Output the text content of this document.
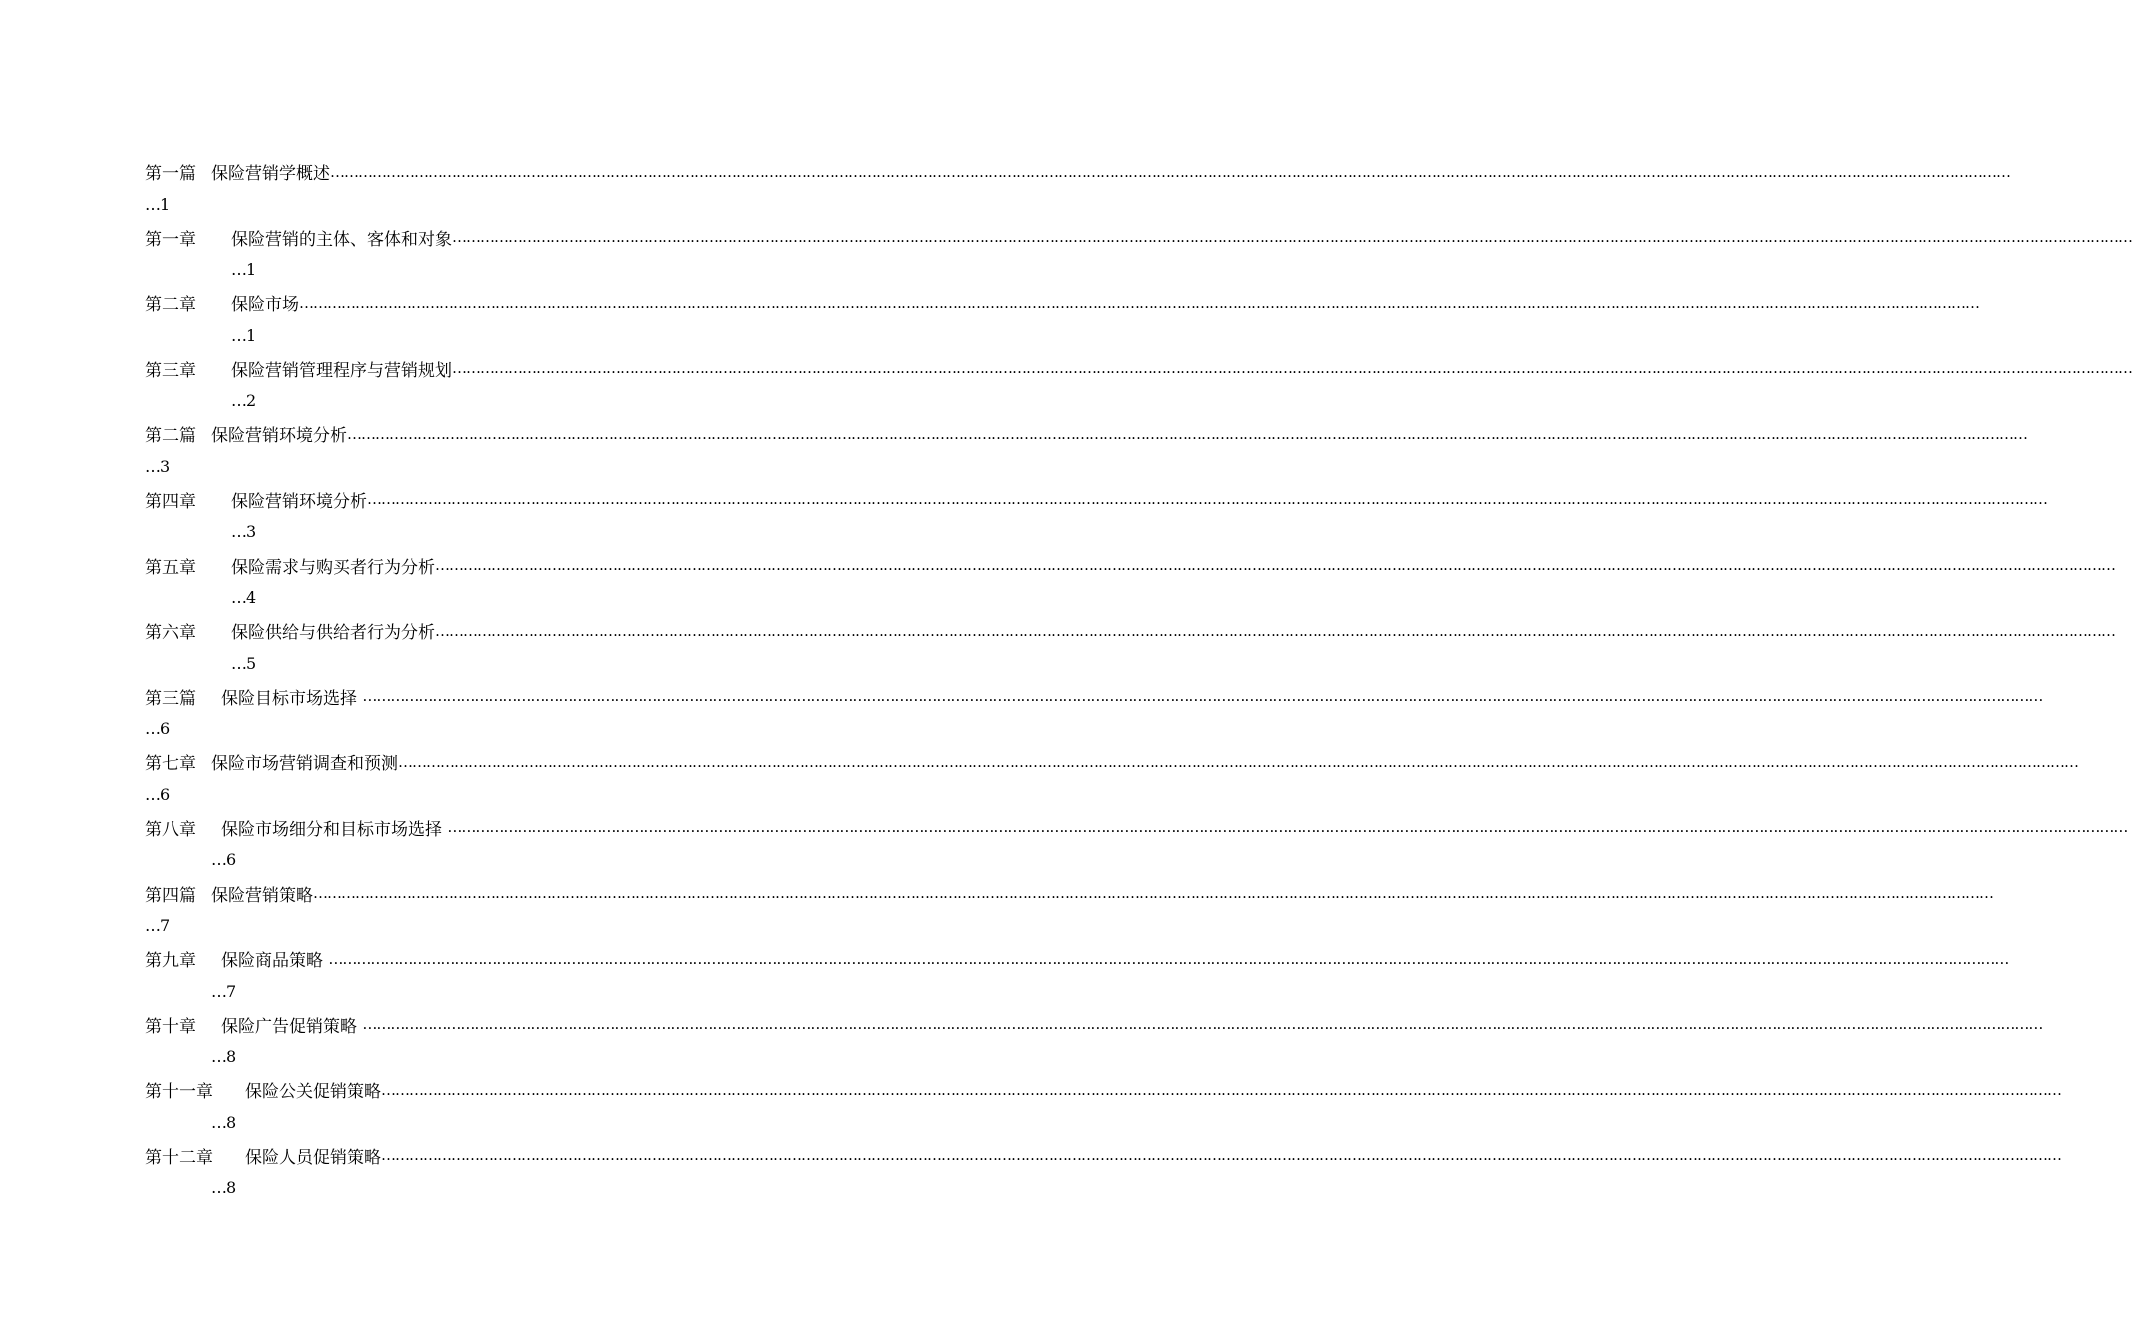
第一篇 保险营销学概述 ………………………………………………………………………………………………………………………………………………………………………………………………………………………………………………………………………………………………………………………………
… 1
第一章	保险营销的主体、客体和对象 ………………………………………………………………………………………………………………………………………………………………………………………………………………………………………………………………………………………………………………………………
… 1
第二章	保险市场 ………………………………………………………………………………………………………………………………………………………………………………………………………………………………………………………………………………………………………………………………
… 1
第三章	保险营销管理程序与营销规划 ………………………………………………………………………………………………………………………………………………………………………………………………………………………………………………………………………………………………………………………………
… 2
第二篇 保险营销环境分析 ………………………………………………………………………………………………………………………………………………………………………………………………………………………………………………………………………………………………………………………………
… 3
第四章	保险营销环境分析 ………………………………………………………………………………………………………………………………………………………………………………………………………………………………………………………………………………………………………………………………
… 3
第五章	保险需求与购买者行为分析 ………………………………………………………………………………………………………………………………………………………………………………………………………………………………………………………………………………………………………………………………
… 4
第六章	保险供给与供给者行为分析 ………………………………………………………………………………………………………………………………………………………………………………………………………………………………………………………………………………………………………………………………
… 5
第三篇	保险目标市场选择 ………………………………………………………………………………………………………………………………………………………………………………………………………………………………………………………………………………………………………………………………
… 6
第七章 保险市场营销调查和预测 ………………………………………………………………………………………………………………………………………………………………………………………………………………………………………………………………………………………………………………………………
… 6
第八章	保险市场细分和目标市场选择 ………………………………………………………………………………………………………………………………………………………………………………………………………………………………………………………………………………………………………………………………
… 6
第四篇 保险营销策略 ………………………………………………………………………………………………………………………………………………………………………………………………………………………………………………………………………………………………………………………………
… 7
第九章	保险商品策略 ………………………………………………………………………………………………………………………………………………………………………………………………………………………………………………………………………………………………………………………………
… 7
第十章	保险广告促销策略 ………………………………………………………………………………………………………………………………………………………………………………………………………………………………………………………………………………………………………………………………
… 8
第十一章	保险公关促销策略 ………………………………………………………………………………………………………………………………………………………………………………………………………………………………………………………………………………………………………………………………
… 8
第十二章	保险人员促销策略 ………………………………………………………………………………………………………………………………………………………………………………………………………………………………………………………………………………………………………………………………
… 8
